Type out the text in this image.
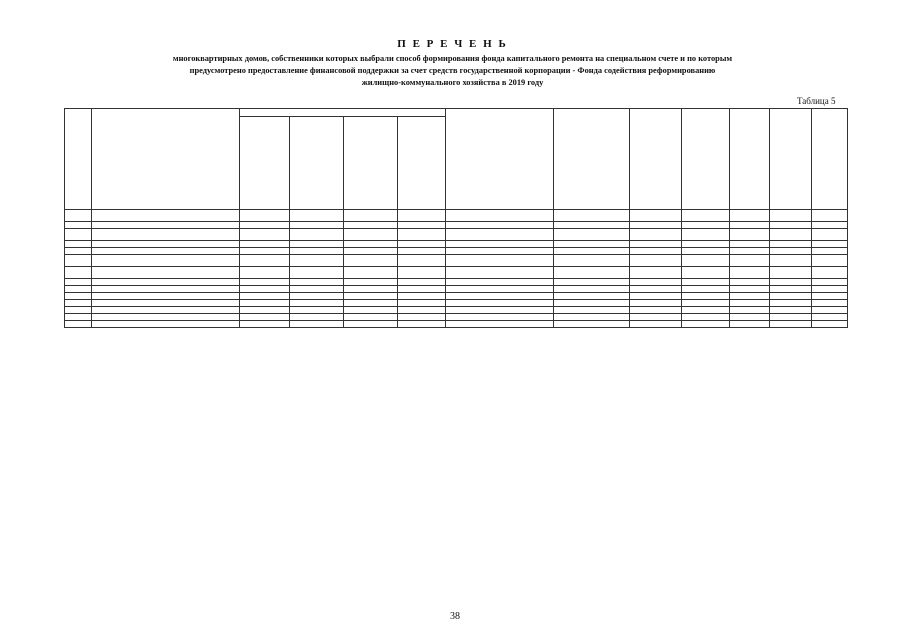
П Е Р Е Ч Е Н Ь

многоквартирных домов, собственники которых выбрали способ формирования фонда капитального ремонта на специальном счете и по которым
предусмотрено предоставление финансовой поддержки за счет средств государственной корпорации - Фонда содействия реформированию
жилищно-коммунального хозяйства в 2019 году

Таблица 5

38
